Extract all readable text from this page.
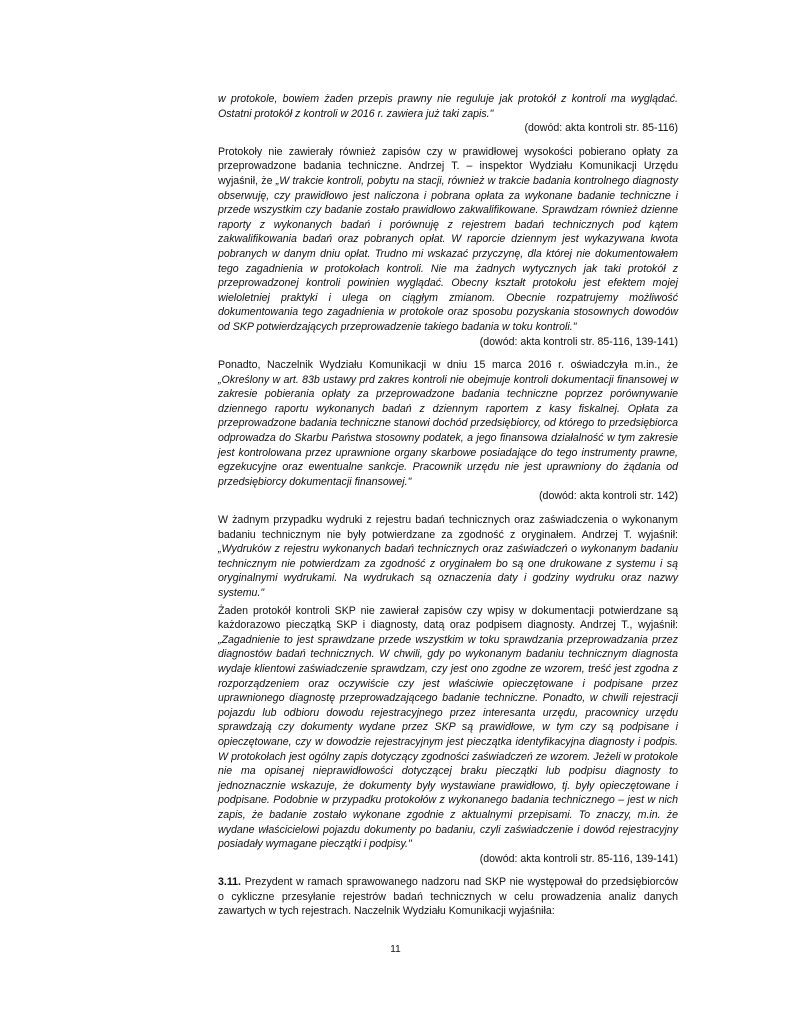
w protokole, bowiem żaden przepis prawny nie reguluje jak protokół z kontroli ma wyglądać. Ostatni protokół z kontroli w 2016 r. zawiera już taki zapis."

(dowód: akta kontroli str. 85-116)

Protokoły nie zawierały również zapisów czy w prawidłowej wysokości pobierano opłaty za przeprowadzone badania techniczne. Andrzej T. – inspektor Wydziału Komunikacji Urzędu wyjaśnił, że „W trakcie kontroli, pobytu na stacji, również w trakcie badania kontrolnego diagnosty obserwuję, czy prawidłowo jest naliczona i pobrana opłata za wykonane badanie techniczne i przede wszystkim czy badanie zostało prawidłowo zakwalifikowane. Sprawdzam również dzienne raporty z wykonanych badań i porównuję z rejestrem badań technicznych pod kątem zakwalifikowania badań oraz pobranych opłat. W raporcie dziennym jest wykazywana kwota pobranych w danym dniu opłat. Trudno mi wskazać przyczynę, dla której nie dokumentowałem tego zagadnienia w protokołach kontroli. Nie ma żadnych wytycznych jak taki protokół z przeprowadzonej kontroli powinien wyglądać. Obecny kształt protokołu jest efektem mojej wieloletniej praktyki i ulega on ciągłym zmianom. Obecnie rozpatrujemy możliwość dokumentowania tego zagadnienia w protokole oraz sposobu pozyskania stosownych dowodów od SKP potwierdzających przeprowadzenie takiego badania w toku kontroli."

(dowód: akta kontroli str. 85-116, 139-141)

Ponadto, Naczelnik Wydziału Komunikacji w dniu 15 marca 2016 r. oświadczyła m.in., że „Określony w art. 83b ustawy prd zakres kontroli nie obejmuje kontroli dokumentacji finansowej w zakresie pobierania opłaty za przeprowadzone badania techniczne poprzez porównywanie dziennego raportu wykonanych badań z dziennym raportem z kasy fiskalnej. Opłata za przeprowadzone badania techniczne stanowi dochód przedsiębiorcy, od którego to przedsiębiorca odprowadza do Skarbu Państwa stosowny podatek, a jego finansowa działalność w tym zakresie jest kontrolowana przez uprawnione organy skarbowe posiadające do tego instrumenty prawne, egzekucyjne oraz ewentualne sankcje. Pracownik urzędu nie jest uprawniony do żądania od przedsiębiorcy dokumentacji finansowej."

(dowód: akta kontroli str. 142)

W żadnym przypadku wydruki z rejestru badań technicznych oraz zaświadczenia o wykonanym badaniu technicznym nie były potwierdzane za zgodność z oryginałem. Andrzej T. wyjaśnił: „Wydruków z rejestru wykonanych badań technicznych oraz zaświadczeń o wykonanym badaniu technicznym nie potwierdzam za zgodność z oryginałem bo są one drukowane z systemu i są oryginalnymi wydrukami. Na wydrukach są oznaczenia daty i godziny wydruku oraz nazwy systemu."

Żaden protokół kontroli SKP nie zawierał zapisów czy wpisy w dokumentacji potwierdzane są każdorazowo pieczątką SKP i diagnosty, datą oraz podpisem diagnosty. Andrzej T., wyjaśnił: „Zagadnienie to jest sprawdzane przede wszystkim w toku sprawdzania przeprowadzania przez diagnostów badań technicznych. W chwili, gdy po wykonanym badaniu technicznym diagnosta wydaje klientowi zaświadczenie sprawdzam, czy jest ono zgodne ze wzorem, treść jest zgodna z rozporządzeniem oraz oczywiście czy jest właściwie opieczętowane i podpisane przez uprawnionego diagnostę przeprowadzającego badanie techniczne. Ponadto, w chwili rejestracji pojazdu lub odbioru dowodu rejestracyjnego przez interesanta urzędu, pracownicy urzędu sprawdzają czy dokumenty wydane przez SKP są prawidłowe, w tym czy są podpisane i opieczętowane, czy w dowodzie rejestracyjnym jest pieczątka identyfikacyjna diagnosty i podpis. W protokołach jest ogólny zapis dotyczący zgodności zaświadczeń ze wzorem. Jeżeli w protokole nie ma opisanej nieprawidłowości dotyczącej braku pieczątki lub podpisu diagnosty to jednoznacznie wskazuje, że dokumenty były wystawiane prawidłowo, tj. były opieczętowane i podpisane. Podobnie w przypadku protokołów z wykonanego badania technicznego – jest w nich zapis, że badanie zostało wykonane zgodnie z aktualnymi przepisami. To znaczy, m.in. że wydane właścicielowi pojazdu dokumenty po badaniu, czyli zaświadczenie i dowód rejestracyjny posiadały wymagane pieczątki i podpisy."

(dowód: akta kontroli str. 85-116, 139-141)

3.11. Prezydent w ramach sprawowanego nadzoru nad SKP nie występował do przedsiębiorców o cykliczne przesyłanie rejestrów badań technicznych w celu prowadzenia analiz danych zawartych w tych rejestrach. Naczelnik Wydziału Komunikacji wyjaśniła:

11
